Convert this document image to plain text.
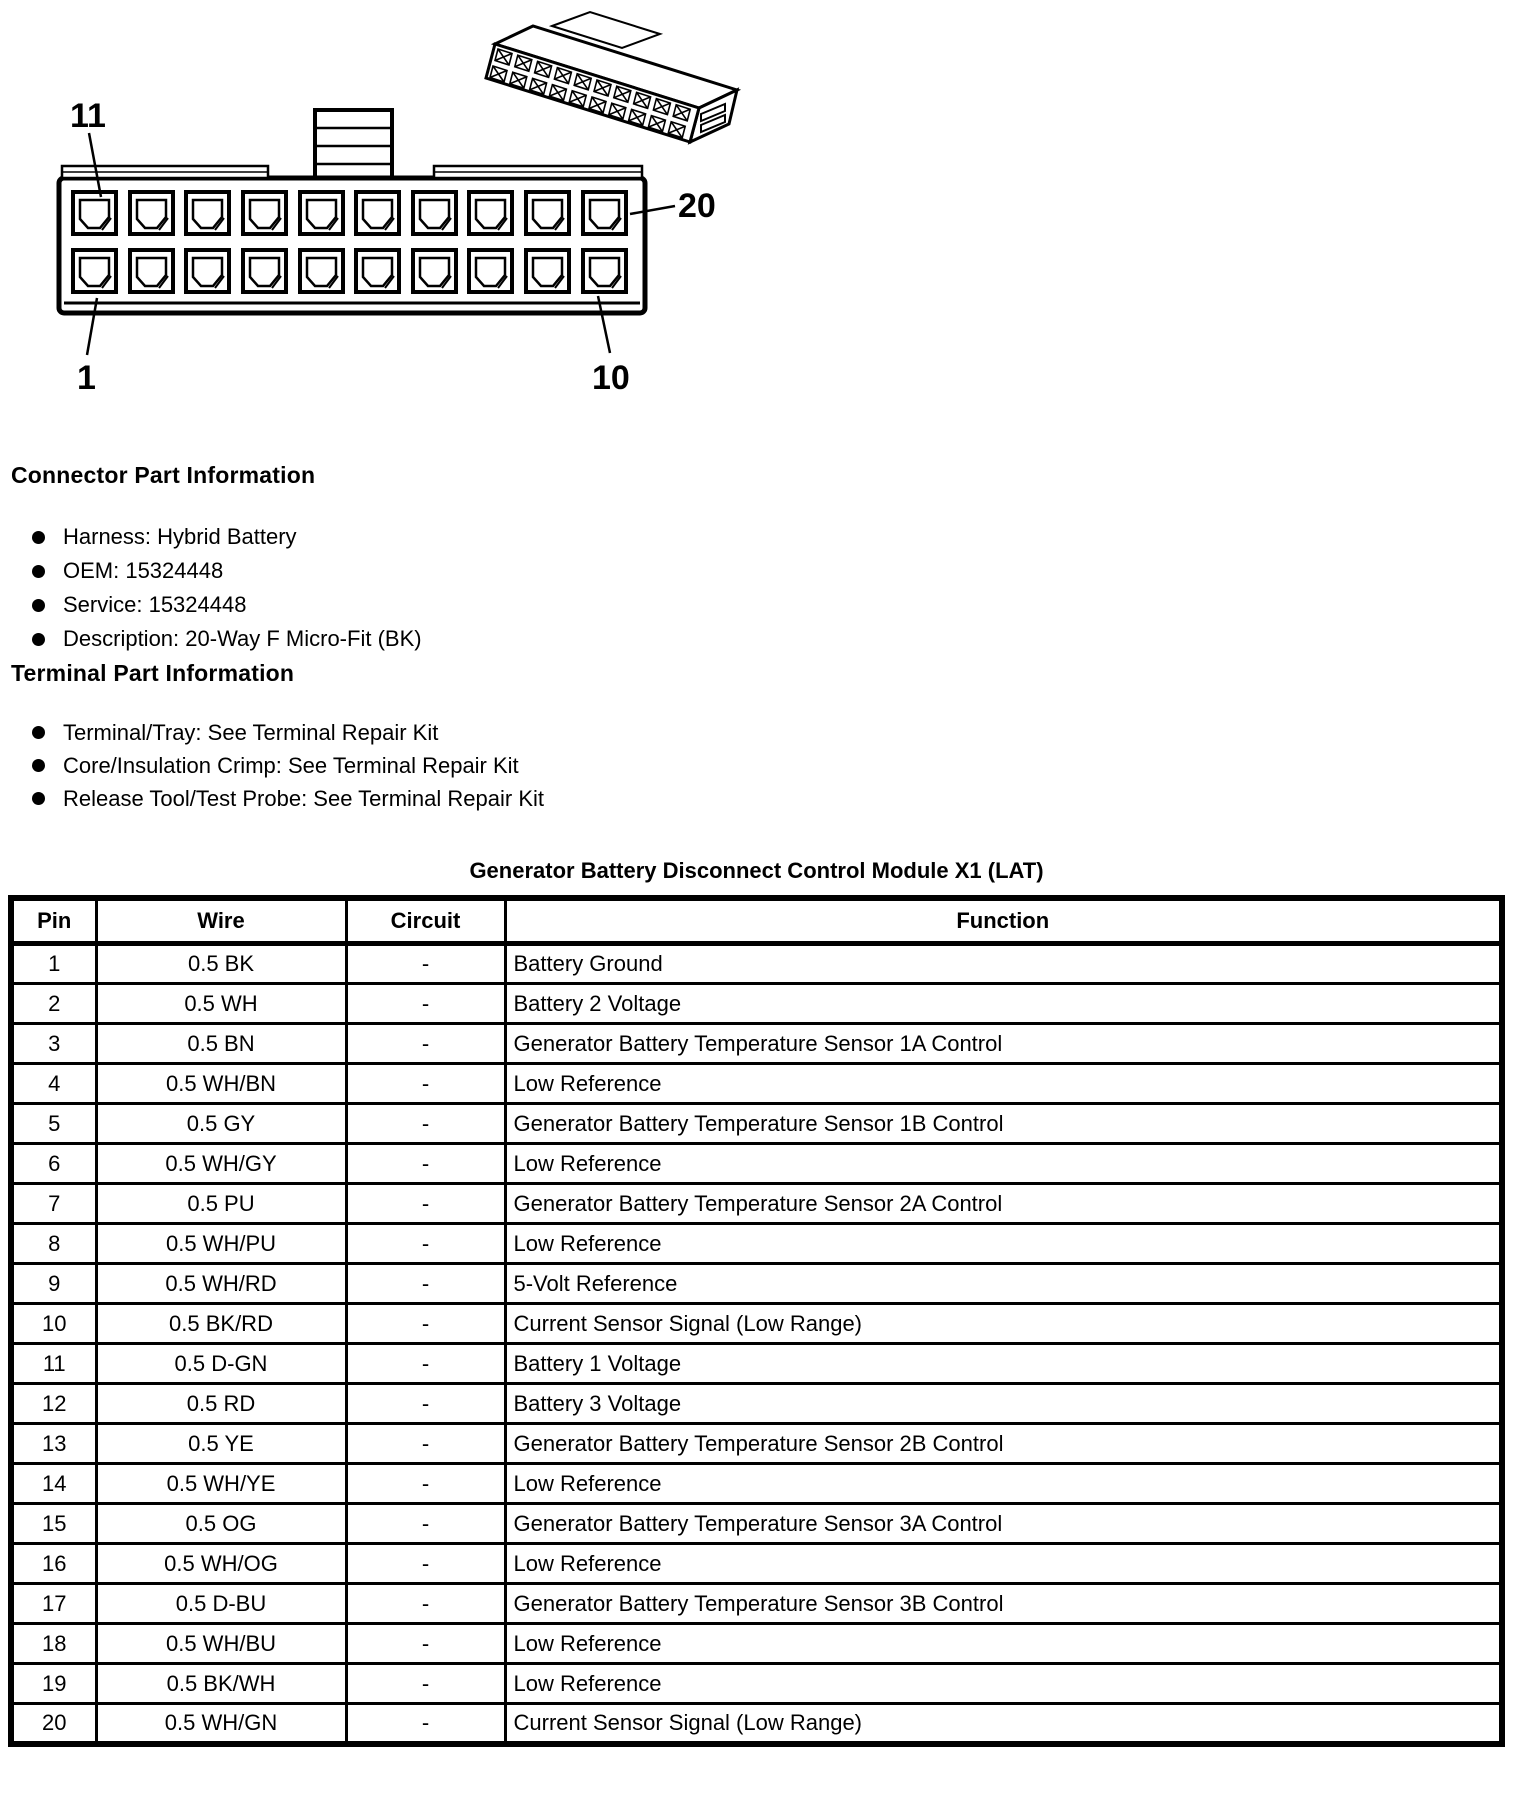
11
20
1	10
Connector Part Information
Harness: Hybrid Battery
OEM: 15324448
Service: 15324448
Description: 20-Way F Micro-Fit (BK)
Terminal Part Information
Terminal/Tray: See Terminal Repair Kit
Core/Insulation Crimp: See Terminal Repair Kit
Release Tool/Test Probe: See Terminal Repair Kit
Generator Battery Disconnect Control Module X1 (LAT)
Pin	Wire	Circuit	Function
1	0.5 BK	-	Battery Ground
2	0.5 WH	-	Battery 2 Voltage
3	0.5 BN	-	Generator Battery Temperature Sensor 1A Control
4	0.5 WH/BN	-	Low Reference
5	0.5 GY	-	Generator Battery Temperature Sensor 1B Control
6	0.5 WH/GY	-	Low Reference
7	0.5 PU	-	Generator Battery Temperature Sensor 2A Control
8	0.5 WH/PU	-	Low Reference
9	0.5 WH/RD	-	5-Volt Reference
10	0.5 BK/RD	-	Current Sensor Signal (Low Range)
11	0.5 D-GN	-	Battery 1 Voltage
12	0.5 RD	-	Battery 3 Voltage
13	0.5 YE	-	Generator Battery Temperature Sensor 2B Control
14	0.5 WH/YE	-	Low Reference
15	0.5 OG	-	Generator Battery Temperature Sensor 3A Control
16	0.5 WH/OG	-	Low Reference
17	0.5 D-BU	-	Generator Battery Temperature Sensor 3B Control
18	0.5 WH/BU	-	Low Reference
19	0.5 BK/WH	-	Low Reference
20	0.5 WH/GN	-	Current Sensor Signal (Low Range)
